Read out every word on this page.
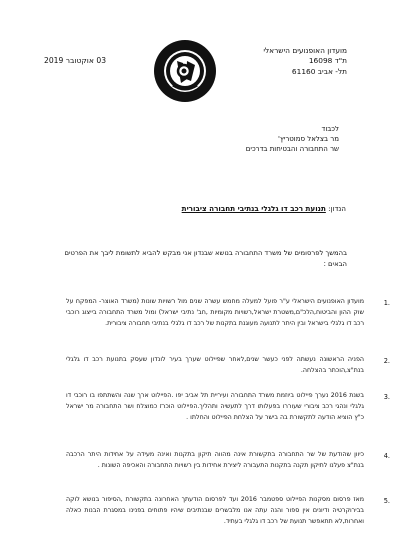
03 אוקטובר 2019
מועדון האופנועים הישראלי
ת"ד 16098
תל- אביב 61160
לכבוד
מר בצלאל סמוטריץ'
שר התחבורה והבטיחות בדרכים
הנדון: תנועת רכב דו גלגלי בנתיבי תחבורה ציבורית
בהמשך לפרסומים של משרד התחבורה בנושא שבנדון אני מבקש להביא לתשומת ליבך את הפרטים הבאים :
1.
מועדון האופנועים הישראלי ע"ר פועל למעלה מחמש עשרה שנים מול רשויות שונות (משרד האוצר- המפקח על שוק ההון והביטוח,הלכ"ם,משטרת ישראל,רשויות מקומיות ,חב' נתיבי ישראל) ומול משרד התחבורה בייצוג רוכבי רכב דו גלגלי בישראל ובין היתר לתנועה מעוגנת בתקנות של רכב דו גלגלי בנתיבי תחבורה ציבורית.
2.
הפניה הראשונה נעשתה לפני כעשר שנים,לאחר שפיילוט שערך בעיר לונדון שעסק בתנועת רכב דו גלגלי בנת"צ,הוכתר בהצלחה.
3.
בשנת 2016 נערך פיילוט ביוזמת משרד התחבורה ועיריית תל אביב יפו .הפיילוט ארך שנה והשתתפו בו רוכבי דו גלגלי ונהגי רכב ציבורי שעוררו בפעלותו דרך לתעשיה ותהליך.הפיילוט הוכרז כמוצלח ושר התחבורה מר ישראל כ"ץ הוציא הודעה לתקשורת בה בישר על הצלחת הפיילוט והחלתו .
4.
כיוון שהודעת של שר התחבורה בתקשורת אינה מהווה תיקון בתקנות ואינה מעידה על אחידות היתר הרכבה בנת"צ פעלנו לתיקון תקנה בתקנות התעבורה ליצירת אחידות בין רשויות התחבורה והאכיפה השונות .
5.
מאז פרסום מסקנות הפיילוט ספטמבר 2016 ועד לפרסום הודעתך האחרונה בתקשורת ,הסיפור בנושא לוקה בבירוקרטיה ודיונים אין ספור והנה עתה אנו מלבשרים שבנתיבים שיהיו פתוחים בפנינו במסגרת הבנות כאלה ואחרות,לא תתאפשר תנועת של רכב דו גלגלי בעתיד.
